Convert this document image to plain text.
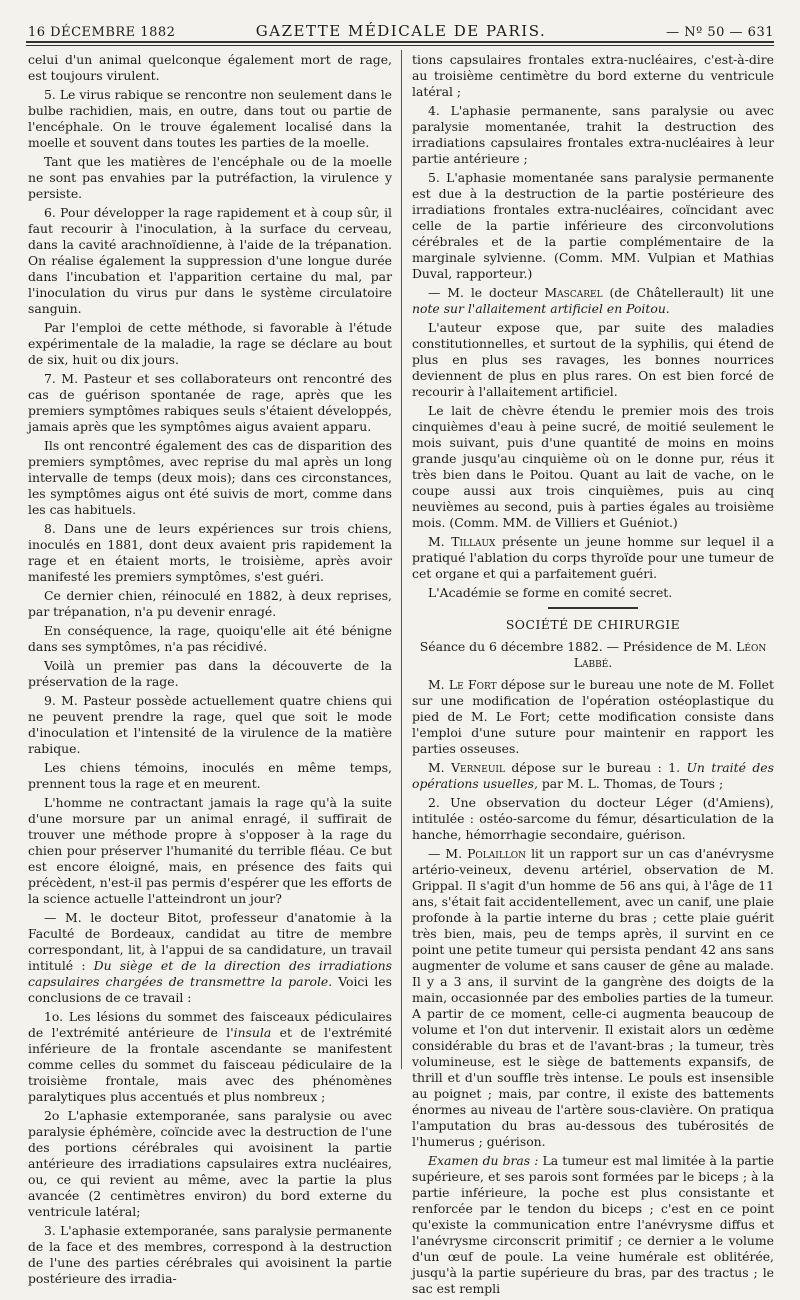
16 DÉCEMBRE 1882	GAZETTE MÉDICALE DE PARIS.	— Nº 50 — 631

celui d'un animal quelconque également mort de rage, est toujours virulent.

5. Le virus rabique se rencontre non seulement dans le bulbe rachidien, mais, en outre, dans tout ou partie de l'encéphale. On le trouve également localisé dans la moelle et souvent dans toutes les parties de la moelle.

Tant que les matières de l'encéphale ou de la moelle ne sont pas envahies par la putréfaction, la virulence y persiste.

6. Pour développer la rage rapidement et à coup sûr, il faut recourir à l'inoculation, à la surface du cerveau, dans la cavité arachnoïdienne, à l'aide de la trépanation. On réalise également la suppression d'une longue durée dans l'incubation et l'apparition certaine du mal, par l'inoculation du virus pur dans le système circulatoire sanguin.

Par l'emploi de cette méthode, si favorable à l'étude expérimentale de la maladie, la rage se déclare au bout de six, huit ou dix jours.

7. M. Pasteur et ses collaborateurs ont rencontré des cas de guérison spontanée de rage, après que les premiers symptômes rabiques seuls s'étaient développés, jamais après que les symptômes aigus avaient apparu.

Ils ont rencontré également des cas de disparition des premiers symptômes, avec reprise du mal après un long intervalle de temps (deux mois); dans ces circonstances, les symptômes aigus ont été suivis de mort, comme dans les cas habituels.

8. Dans une de leurs expériences sur trois chiens, inoculés en 1881, dont deux avaient pris rapidement la rage et en étaient morts, le troisième, après avoir manifesté les premiers symptômes, s'est guéri.

Ce dernier chien, réinoculé en 1882, à deux reprises, par trépanation, n'a pu devenir enragé.

En conséquence, la rage, quoiqu'elle ait été bénigne dans ses symptômes, n'a pas récidivé.

Voilà un premier pas dans la découverte de la préservation de la rage.

9. M. Pasteur possède actuellement quatre chiens qui ne peuvent prendre la rage, quel que soit le mode d'inoculation et l'intensité de la virulence de la matière rabique.

Les chiens témoins, inoculés en même temps, prennent tous la rage et en meurent.

L'homme ne contractant jamais la rage qu'à la suite d'une morsure par un animal enragé, il suffirait de trouver une méthode propre à s'opposer à la rage du chien pour préserver l'humanité du terrible fléau. Ce but est encore éloigné, mais, en présence des faits qui précèdent, n'est-il pas permis d'espérer que les efforts de la science actuelle l'atteindront un jour?

— M. le docteur Bitot, professeur d'anatomie à la Faculté de Bordeaux, candidat au titre de membre correspondant, lit, à l'appui de sa candidature, un travail intitulé : Du siège et de la direction des irradiations capsulaires chargées de transmettre la parole. Voici les conclusions de ce travail :

1o. Les lésions du sommet des faisceaux pédiculaires de l'extrémité antérieure de l'insula et de l'extrémité inférieure de la frontale ascendante se manifestent comme celles du sommet du faisceau pédiculaire de la troisième frontale, mais avec des phénomènes paralytiques plus accentués et plus nombreux ;

2o L'aphasie extemporanée, sans paralysie ou avec paralysie éphémère, coïncide avec la destruction de l'une des portions cérébrales qui avoisinent la partie antérieure des irradiations capsulaires extra nucléaires, ou, ce qui revient au même, avec la partie la plus avancée (2 centimètres environ) du bord externe du ventricule latéral;

3. L'aphasie extemporanée, sans paralysie permanente de la face et des membres, correspond à la destruction de l'une des parties cérébrales qui avoisinent la partie postérieure des irradia-

tions capsulaires frontales extra-nucléaires, c'est-à-dire au troisième centimètre du bord externe du ventricule latéral ;

4. L'aphasie permanente, sans paralysie ou avec paralysie momentanée, trahit la destruction des irradiations capsulaires frontales extra-nucléaires à leur partie antérieure ;

5. L'aphasie momentanée sans paralysie permanente est due à la destruction de la partie postérieure des irradiations frontales extra-nucléaires, coïncidant avec celle de la partie inférieure des circonvolutions cérébrales et de la partie complémentaire de la marginale sylvienne. (Comm. MM. Vulpian et Mathias Duval, rapporteur.)

— M. le docteur Mascarel (de Châtellerault) lit une note sur l'allaitement artificiel en Poitou.

L'auteur expose que, par suite des maladies constitutionnelles, et surtout de la syphilis, qui étend de plus en plus ses ravages, les bonnes nourrices deviennent de plus en plus rares. On est bien forcé de recourir à l'allaitement artificiel.

Le lait de chèvre étendu le premier mois des trois cinquièmes d'eau à peine sucré, de moitié seulement le mois suivant, puis d'une quantité de moins en moins grande jusqu'au cinquième où on le donne pur, réus it très bien dans le Poitou. Quant au lait de vache, on le coupe aussi aux trois cinquièmes, puis au cinq neuvièmes au second, puis à parties égales au troisième mois. (Comm. MM. de Villiers et Guéniot.)

M. Tillaux présente un jeune homme sur lequel il a pratiqué l'ablation du corps thyroïde pour une tumeur de cet organe et qui a parfaitement guéri.

L'Académie se forme en comité secret.

SOCIÉTÉ DE CHIRURGIE

Séance du 6 décembre 1882. — Présidence de M. Léon Labbé.

M. Le Fort dépose sur le bureau une note de M. Follet sur une modification de l'opération ostéoplastique du pied de M. Le Fort; cette modification consiste dans l'emploi d'une suture pour maintenir en rapport les parties osseuses.

M. Verneuil dépose sur le bureau : 1. Un traité des opérations usuelles, par M. L. Thomas, de Tours ;

2. Une observation du docteur Léger (d'Amiens), intitulée : ostéo-sarcome du fémur, désarticulation de la hanche, hémorrhagie secondaire, guérison.

— M. Polaillon lit un rapport sur un cas d'anévrysme artério-veineux, devenu artériel, observation de M. Grippal. Il s'agit d'un homme de 56 ans qui, à l'âge de 11 ans, s'était fait accidentellement, avec un canif, une plaie profonde à la partie interne du bras ; cette plaie guérit très bien, mais, peu de temps après, il survint en ce point une petite tumeur qui persista pendant 42 ans sans augmenter de volume et sans causer de gêne au malade. Il y a 3 ans, il survint de la gangrène des doigts de la main, occasionnée par des embolies parties de la tumeur. A partir de ce moment, celle-ci augmenta beaucoup de volume et l'on dut intervenir. Il existait alors un œdème considérable du bras et de l'avant-bras ; la tumeur, très volumineuse, est le siège de battements expansifs, de thrill et d'un souffle très intense. Le pouls est insensible au poignet ; mais, par contre, il existe des battements énormes au niveau de l'artère sous-clavière. On pratiqua l'amputation du bras au-dessous des tubérosités de l'humerus ; guérison.

Examen du bras : La tumeur est mal limitée à la partie supérieure, et ses parois sont formées par le biceps ; à la partie inférieure, la poche est plus consistante et renforcée par le tendon du biceps ; c'est en ce point qu'existe la communication entre l'anévrysme diffus et l'anévrysme circonscrit primitif ; ce dernier a le volume d'un œuf de poule. La veine humérale est oblitérée, jusqu'à la partie supérieure du bras, par des tractus ; le sac est rempli
